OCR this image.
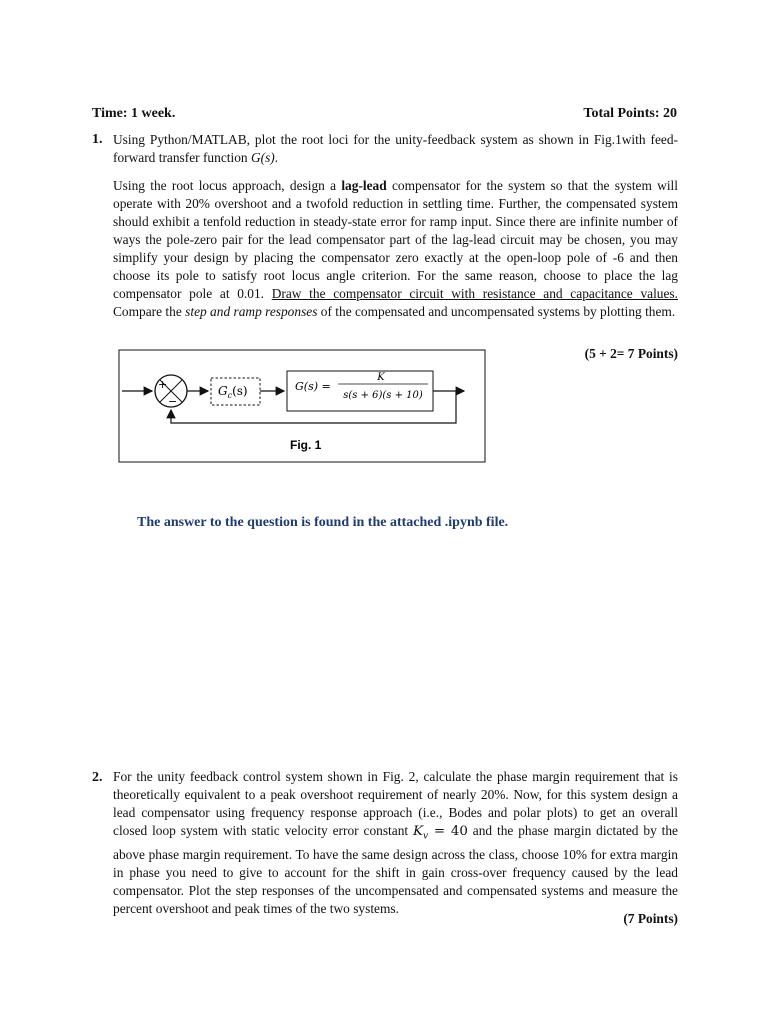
Time: 1 week.	Total Points: 20
1. Using Python/MATLAB, plot the root loci for the unity-feedback system as shown in Fig.1with feed-forward transfer function G(s).
Using the root locus approach, design a lag-lead compensator for the system so that the system will operate with 20% overshoot and a twofold reduction in settling time. Further, the compensated system should exhibit a tenfold reduction in steady-state error for ramp input. Since there are infinite number of ways the pole-zero pair for the lead compensator part of the lag-lead circuit may be chosen, you may simplify your design by placing the compensator zero exactly at the open-loop pole of -6 and then choose its pole to satisfy root locus angle criterion. For the same reason, choose to place the lag compensator pole at 0.01. Draw the compensator circuit with resistance and capacitance values. Compare the step and ramp responses of the compensated and uncompensated systems by plotting them.
(5 + 2= 7 Points)
+
−
$G_c(s)$	G(s) =
K
s(s + 6)(s + 10)
Fig. 1
The answer to the question is found in the attached .ipynb file.
2. For the unity feedback control system shown in Fig. 2, calculate the phase margin requirement that is theoretically equivalent to a peak overshoot requirement of nearly 20%. Now, for this system design a lead compensator using frequency response approach (i.e., Bodes and polar plots) to get an overall closed loop system with static velocity error constant $K_v = 40$ and the phase margin dictated by the above phase margin requirement. To have the same design across the class, choose 10% for extra margin in phase you need to give to account for the shift in gain cross-over frequency caused by the lead compensator. Plot the step responses of the uncompensated and compensated systems and measure the percent overshoot and peak times of the two systems.
(7 Points)
